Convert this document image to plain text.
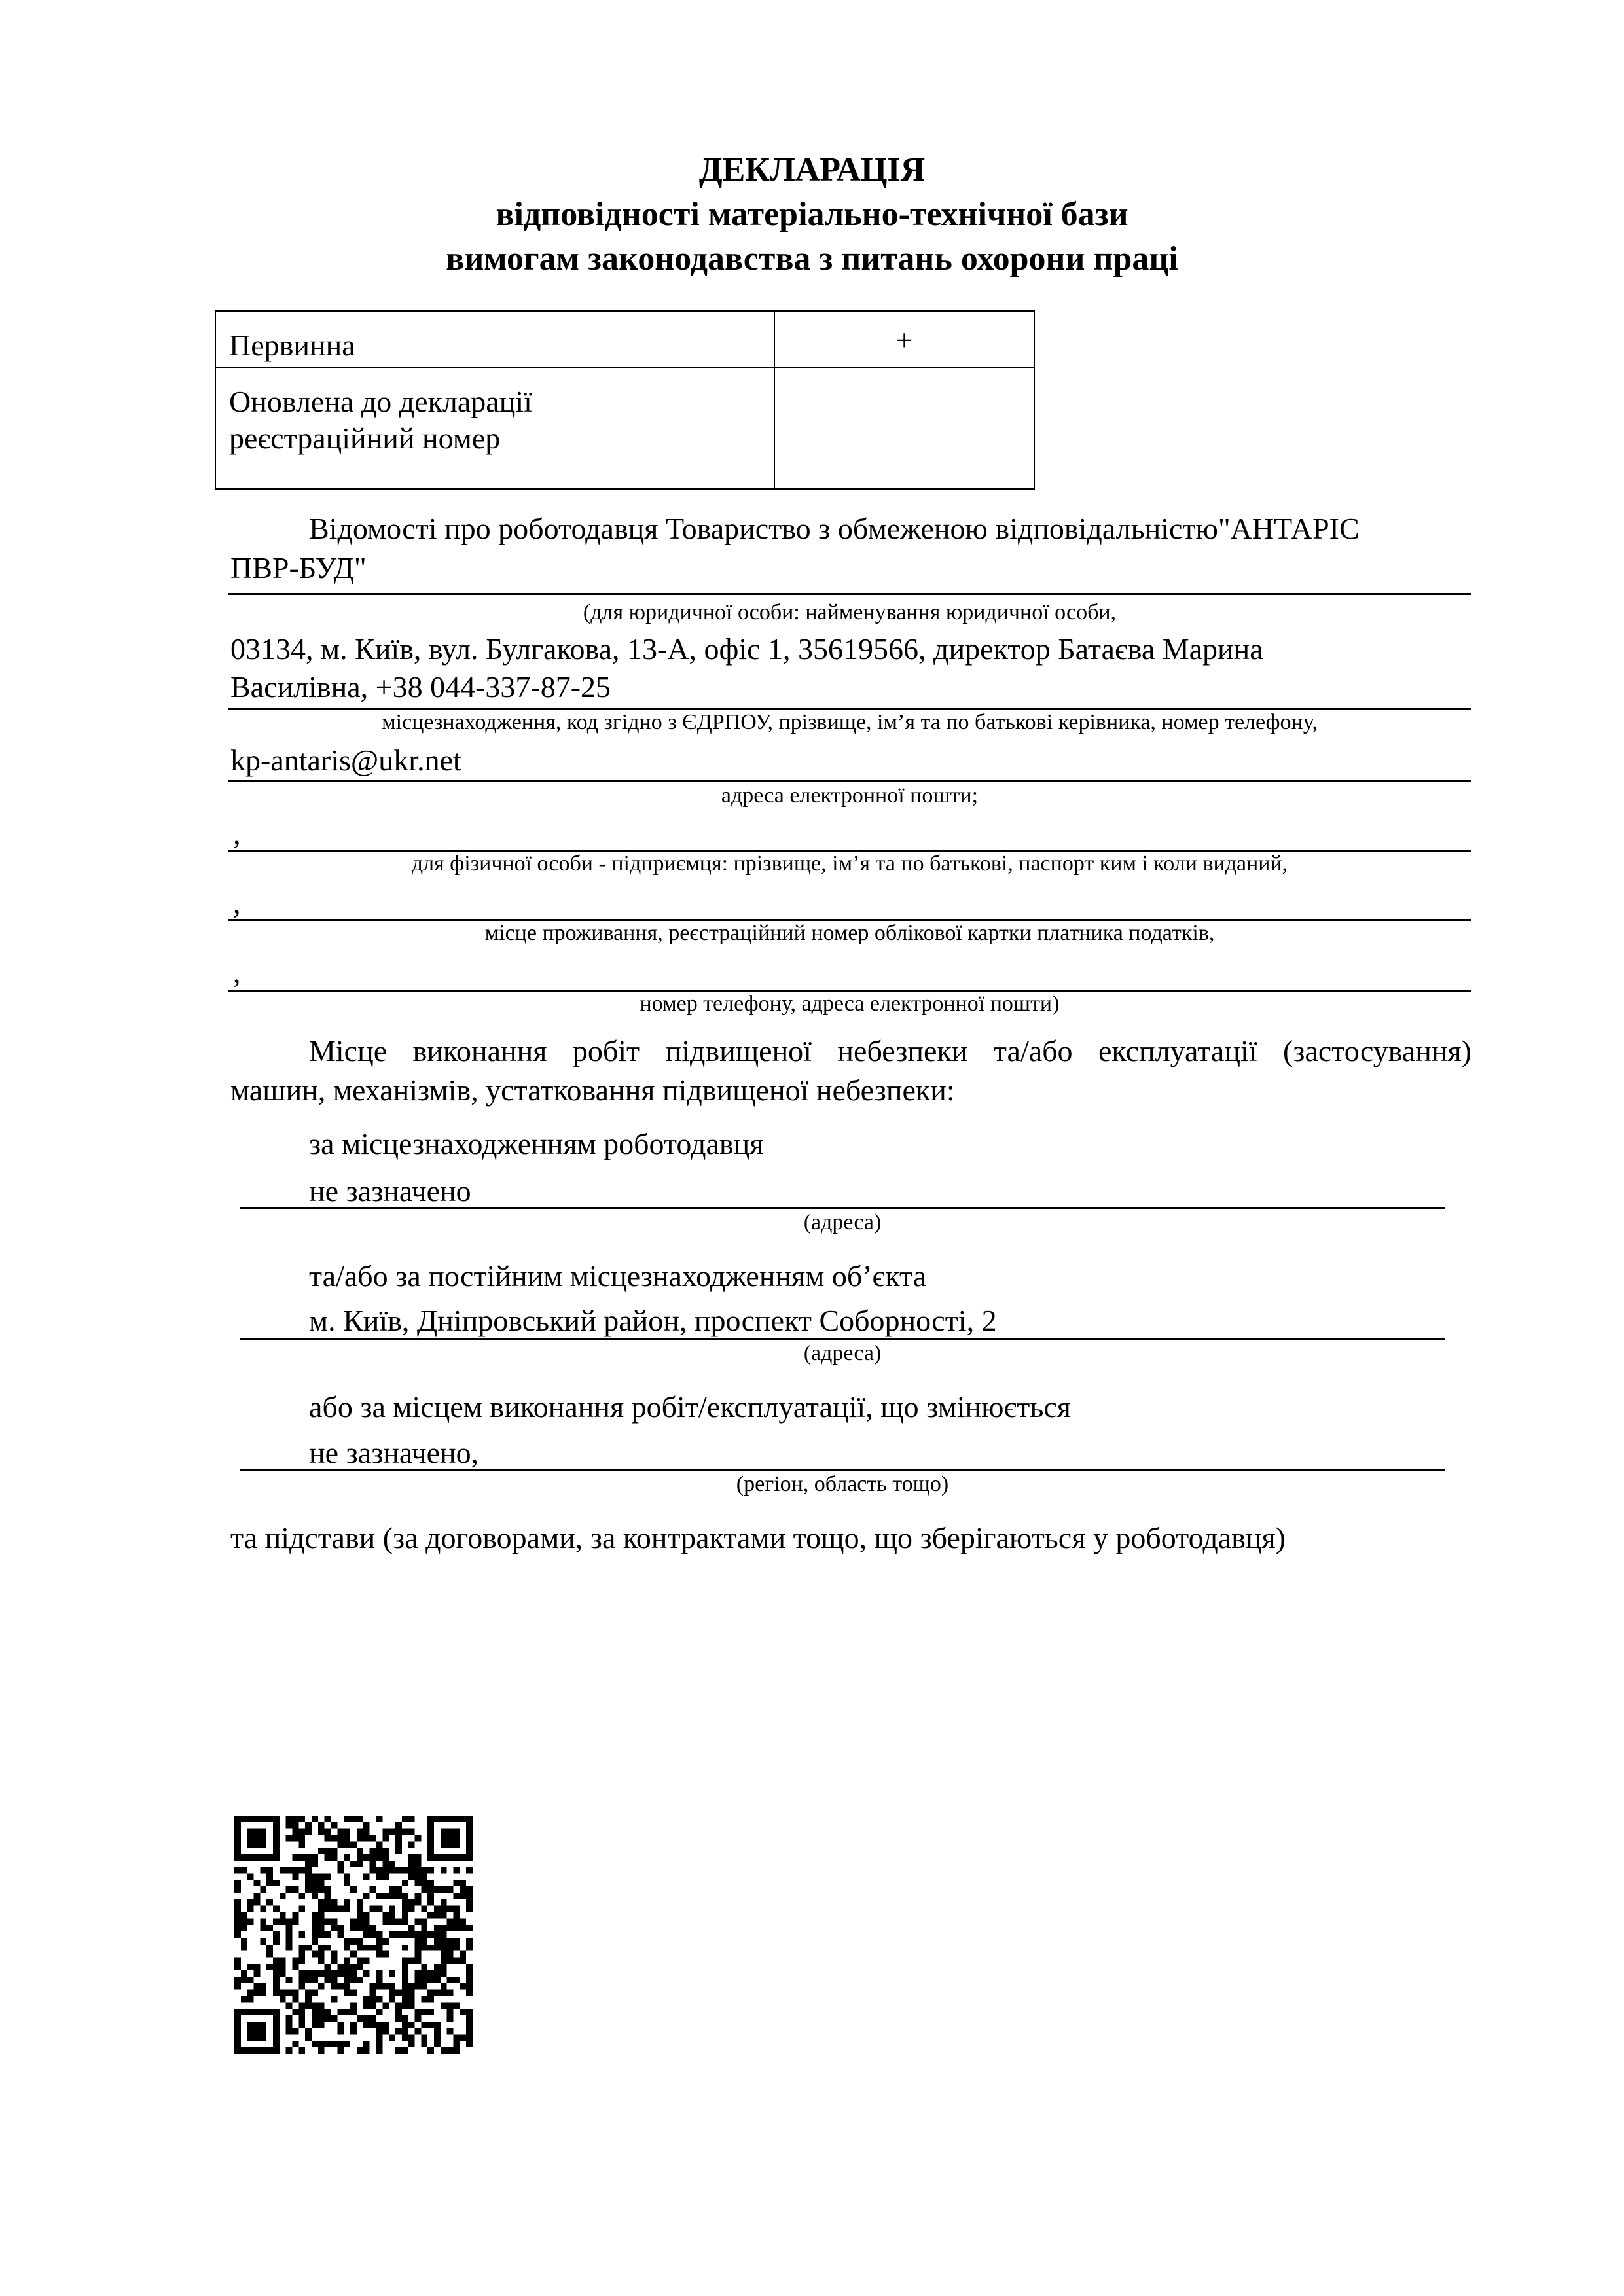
ДЕКЛАРАЦІЯ
відповідності матеріально-технічної бази
вимогам законодавства з питань охорони праці
Первинна	+

Оновлена до декларації
реєстраційний номер	

Відомості про роботодавця Товариство з обмеженою відповідальністю"АНТАРІС
ПВР-БУД"
(для юридичної особи: найменування юридичної особи,
03134, м. Київ, вул. Булгакова, 13-А, офіс 1, 35619566, директор Батаєва Марина
Василівна, +38 044-337-87-25
місцезнаходження, код згідно з ЄДРПОУ, прізвище, ім’я та по батькові керівника, номер телефону,
kp-antaris@ukr.net
адреса електронної пошти;
,
для фізичної особи - підприємця: прізвище, ім’я та по батькові, паспорт ким і коли виданий,
,
місце проживання, реєстраційний номер облікової картки платника податків,
,
номер телефону, адреса електронної пошти)
Місце виконання робіт підвищеної небезпеки та/або експлуатації (застосування)
машин, механізмів, устатковання підвищеної небезпеки:
за місцезнаходженням роботодавця
не зазначено
(адреса)
та/або за постійним місцезнаходженням об’єкта
м. Київ, Дніпровський район, проспект Соборності, 2
(адреса)
або за місцем виконання робіт/експлуатації, що змінюється
не зазначено,
(регіон, область тощо)
та підстави (за договорами, за контрактами тощо, що зберігаються у роботодавця)
